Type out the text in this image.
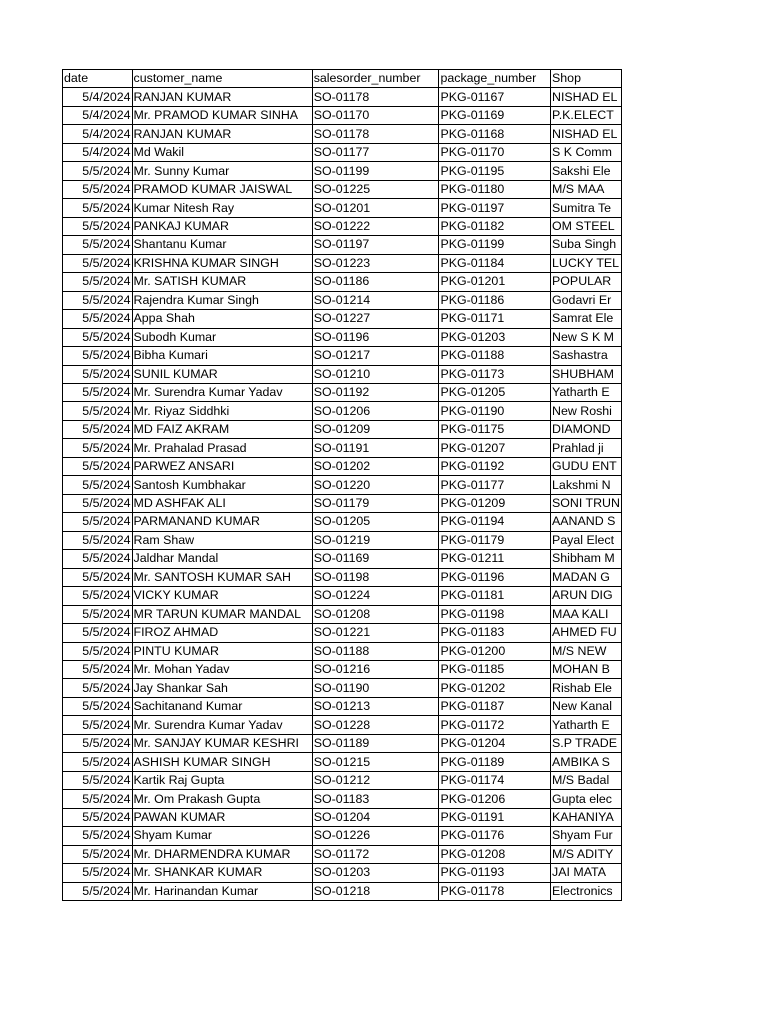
date	customer_name	salesorder_number	package_number	Shop
5/4/2024	RANJAN KUMAR	SO-01178	PKG-01167	NISHAD EL
5/4/2024	Mr. PRAMOD KUMAR SINHA	SO-01170	PKG-01169	P.K.ELECT
5/4/2024	RANJAN KUMAR	SO-01178	PKG-01168	NISHAD EL
5/4/2024	Md Wakil	SO-01177	PKG-01170	S K Comm
5/5/2024	Mr. Sunny Kumar	SO-01199	PKG-01195	Sakshi Ele
5/5/2024	PRAMOD KUMAR JAISWAL	SO-01225	PKG-01180	M/S MAA
5/5/2024	Kumar Nitesh Ray	SO-01201	PKG-01197	Sumitra Te
5/5/2024	PANKAJ KUMAR	SO-01222	PKG-01182	OM STEEL
5/5/2024	Shantanu Kumar	SO-01197	PKG-01199	Suba Singh
5/5/2024	KRISHNA KUMAR SINGH	SO-01223	PKG-01184	LUCKY TEL
5/5/2024	Mr. SATISH KUMAR	SO-01186	PKG-01201	POPULAR
5/5/2024	Rajendra Kumar Singh	SO-01214	PKG-01186	Godavri Er
5/5/2024	Appa Shah	SO-01227	PKG-01171	Samrat Ele
5/5/2024	Subodh Kumar	SO-01196	PKG-01203	New S K M
5/5/2024	Bibha Kumari	SO-01217	PKG-01188	Sashastra
5/5/2024	SUNIL KUMAR	SO-01210	PKG-01173	SHUBHAM
5/5/2024	Mr. Surendra Kumar Yadav	SO-01192	PKG-01205	Yatharth E
5/5/2024	Mr. Riyaz Siddhki	SO-01206	PKG-01190	New Roshi
5/5/2024	MD FAIZ AKRAM	SO-01209	PKG-01175	DIAMOND
5/5/2024	Mr. Prahalad Prasad	SO-01191	PKG-01207	Prahlad ji
5/5/2024	PARWEZ ANSARI	SO-01202	PKG-01192	GUDU ENT
5/5/2024	Santosh Kumbhakar	SO-01220	PKG-01177	Lakshmi N
5/5/2024	MD ASHFAK ALI	SO-01179	PKG-01209	SONI TRUN
5/5/2024	PARMANAND KUMAR	SO-01205	PKG-01194	AANAND S
5/5/2024	Ram Shaw	SO-01219	PKG-01179	Payal Elect
5/5/2024	Jaldhar Mandal	SO-01169	PKG-01211	Shibham M
5/5/2024	Mr. SANTOSH KUMAR SAH	SO-01198	PKG-01196	MADAN G
5/5/2024	VICKY KUMAR	SO-01224	PKG-01181	ARUN DIG
5/5/2024	MR TARUN KUMAR MANDAL	SO-01208	PKG-01198	MAA KALI
5/5/2024	FIROZ AHMAD	SO-01221	PKG-01183	AHMED FU
5/5/2024	PINTU KUMAR	SO-01188	PKG-01200	M/S NEW
5/5/2024	Mr. Mohan Yadav	SO-01216	PKG-01185	MOHAN B
5/5/2024	Jay Shankar Sah	SO-01190	PKG-01202	Rishab Ele
5/5/2024	Sachitanand Kumar	SO-01213	PKG-01187	New Kanal
5/5/2024	Mr. Surendra Kumar Yadav	SO-01228	PKG-01172	Yatharth E
5/5/2024	Mr. SANJAY KUMAR KESHRI	SO-01189	PKG-01204	S.P TRADE
5/5/2024	ASHISH KUMAR SINGH	SO-01215	PKG-01189	AMBIKA S
5/5/2024	Kartik Raj Gupta	SO-01212	PKG-01174	M/S Badal
5/5/2024	Mr. Om Prakash Gupta	SO-01183	PKG-01206	Gupta elec
5/5/2024	PAWAN KUMAR	SO-01204	PKG-01191	KAHANIYA
5/5/2024	Shyam Kumar	SO-01226	PKG-01176	Shyam Fur
5/5/2024	Mr. DHARMENDRA KUMAR	SO-01172	PKG-01208	M/S ADITY
5/5/2024	Mr. SHANKAR KUMAR	SO-01203	PKG-01193	JAI MATA
5/5/2024	Mr. Harinandan Kumar	SO-01218	PKG-01178	Electronics
